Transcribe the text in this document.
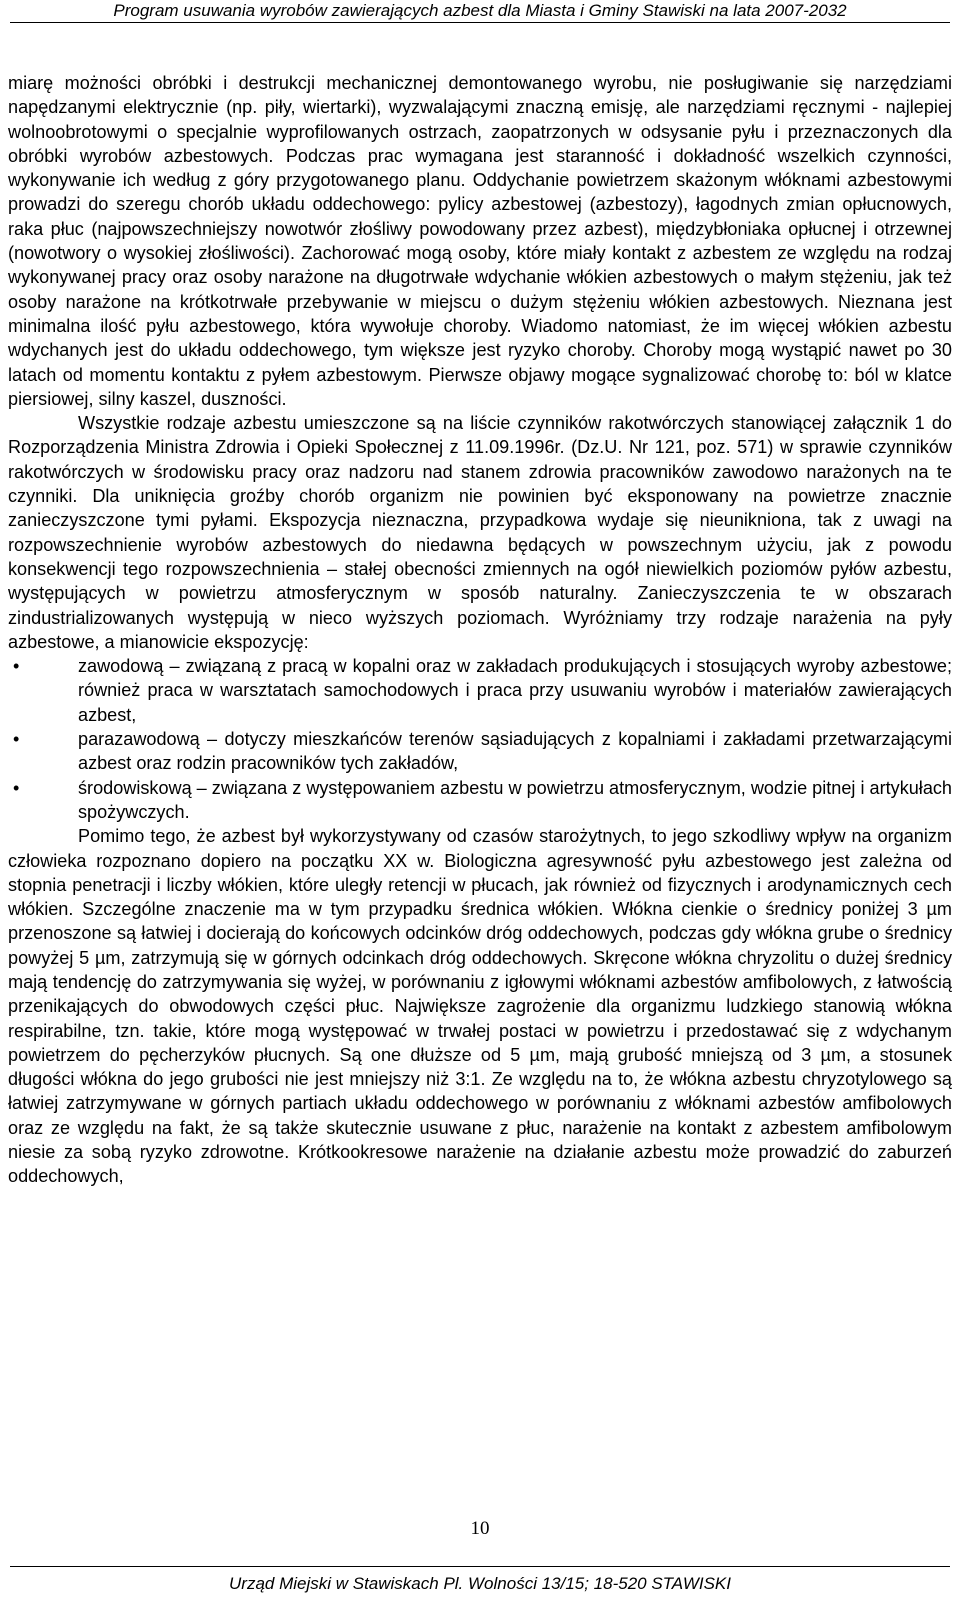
Program usuwania wyrobów zawierających azbest dla Miasta i Gminy Stawiski na lata 2007-2032

miarę możności obróbki i destrukcji mechanicznej demontowanego wyrobu, nie posługiwanie się narzędziami napędzanymi elektrycznie (np. piły, wiertarki), wyzwalającymi znaczną emisję, ale narzędziami ręcznymi - najlepiej wolnoobrotowymi o specjalnie wyprofilowanych ostrzach, zaopatrzonych w odsysanie pyłu i przeznaczonych dla obróbki wyrobów azbestowych. Podczas prac wymagana jest staranność i dokładność wszelkich czynności, wykonywanie ich według z góry przygotowanego planu. Oddychanie powietrzem skażonym włóknami azbestowymi prowadzi do szeregu chorób układu oddechowego: pylicy azbestowej (azbestozy), łagodnych zmian opłucnowych, raka płuc (najpowszechniejszy nowotwór złośliwy powodowany przez azbest), międzybłoniaka opłucnej i otrzewnej (nowotwory o wysokiej złośliwości). Zachorować mogą osoby, które miały kontakt z azbestem ze względu na rodzaj wykonywanej pracy oraz osoby narażone na długotrwałe wdychanie włókien azbestowych o małym stężeniu, jak też osoby narażone na krótkotrwałe przebywanie w miejscu o dużym stężeniu włókien azbestowych. Nieznana jest minimalna ilość pyłu azbestowego, która wywołuje choroby. Wiadomo natomiast, że im więcej włókien azbestu wdychanych jest do układu oddechowego, tym większe jest ryzyko choroby. Choroby mogą wystąpić nawet po 30 latach od momentu kontaktu z pyłem azbestowym. Pierwsze objawy mogące sygnalizować chorobę to: ból w klatce piersiowej, silny kaszel, duszności.

Wszystkie rodzaje azbestu umieszczone są na liście czynników rakotwórczych stanowiącej załącznik 1 do Rozporządzenia Ministra Zdrowia i Opieki Społecznej z 11.09.1996r. (Dz.U. Nr 121, poz. 571) w sprawie czynników rakotwórczych w środowisku pracy oraz nadzoru nad stanem zdrowia pracowników zawodowo narażonych na te czynniki. Dla uniknięcia groźby chorób organizm nie powinien być eksponowany na powietrze znacznie zanieczyszczone tymi pyłami. Ekspozycja nieznaczna, przypadkowa wydaje się nieunikniona, tak z uwagi na rozpowszechnienie wyrobów azbestowych do niedawna będących w powszechnym użyciu, jak z powodu konsekwencji tego rozpowszechnienia – stałej obecności zmiennych na ogół niewielkich poziomów pyłów azbestu, występujących w powietrzu atmosferycznym w sposób naturalny. Zanieczyszczenia te w obszarach zindustrializowanych występują w nieco wyższych poziomach. Wyróżniamy trzy rodzaje narażenia na pyły azbestowe, a mianowicie ekspozycję:

•	zawodową – związaną z pracą w kopalni oraz w zakładach produkujących i stosujących wyroby azbestowe; również praca w warsztatach samochodowych i praca przy usuwaniu wyrobów i materiałów zawierających azbest,
•	parazawodową – dotyczy mieszkańców terenów sąsiadujących z kopalniami i zakładami przetwarzającymi azbest oraz rodzin pracowników tych zakładów,
•	środowiskową – związana z występowaniem azbestu w powietrzu atmosferycznym, wodzie pitnej i artykułach spożywczych.

Pomimo tego, że azbest był wykorzystywany od czasów starożytnych, to jego szkodliwy wpływ na organizm człowieka rozpoznano dopiero na początku XX w. Biologiczna agresywność pyłu azbestowego jest zależna od stopnia penetracji i liczby włókien, które uległy retencji w płucach, jak również od fizycznych i arodynamicznych cech włókien. Szczególne znaczenie ma w tym przypadku średnica włókien. Włókna cienkie o średnicy poniżej 3 µm przenoszone są łatwiej i docierają do końcowych odcinków dróg oddechowych, podczas gdy włókna grube o średnicy powyżej 5 µm, zatrzymują się w górnych odcinkach dróg oddechowych. Skręcone włókna chryzolitu o dużej średnicy mają tendencję do zatrzymywania się wyżej, w porównaniu z igłowymi włóknami azbestów amfibolowych, z łatwością przenikających do obwodowych części płuc. Największe zagrożenie dla organizmu ludzkiego stanowią włókna respirabilne, tzn. takie, które mogą występować w trwałej postaci w powietrzu i przedostawać się z wdychanym powietrzem do pęcherzyków płucnych. Są one dłuższe od 5 µm, mają grubość mniejszą od 3 µm, a stosunek długości włókna do jego grubości nie jest mniejszy niż 3:1. Ze względu na to, że włókna azbestu chryzotylowego są łatwiej zatrzymywane w górnych partiach układu oddechowego w porównaniu z włóknami azbestów amfibolowych oraz ze względu na fakt, że są także skutecznie usuwane z płuc, narażenie na kontakt z azbestem amfibolowym niesie za sobą ryzyko zdrowotne. Krótkookresowe narażenie na działanie azbestu może prowadzić do zaburzeń oddechowych,

10
Urząd Miejski w Stawiskach Pl. Wolności 13/15; 18-520 STAWISKI
